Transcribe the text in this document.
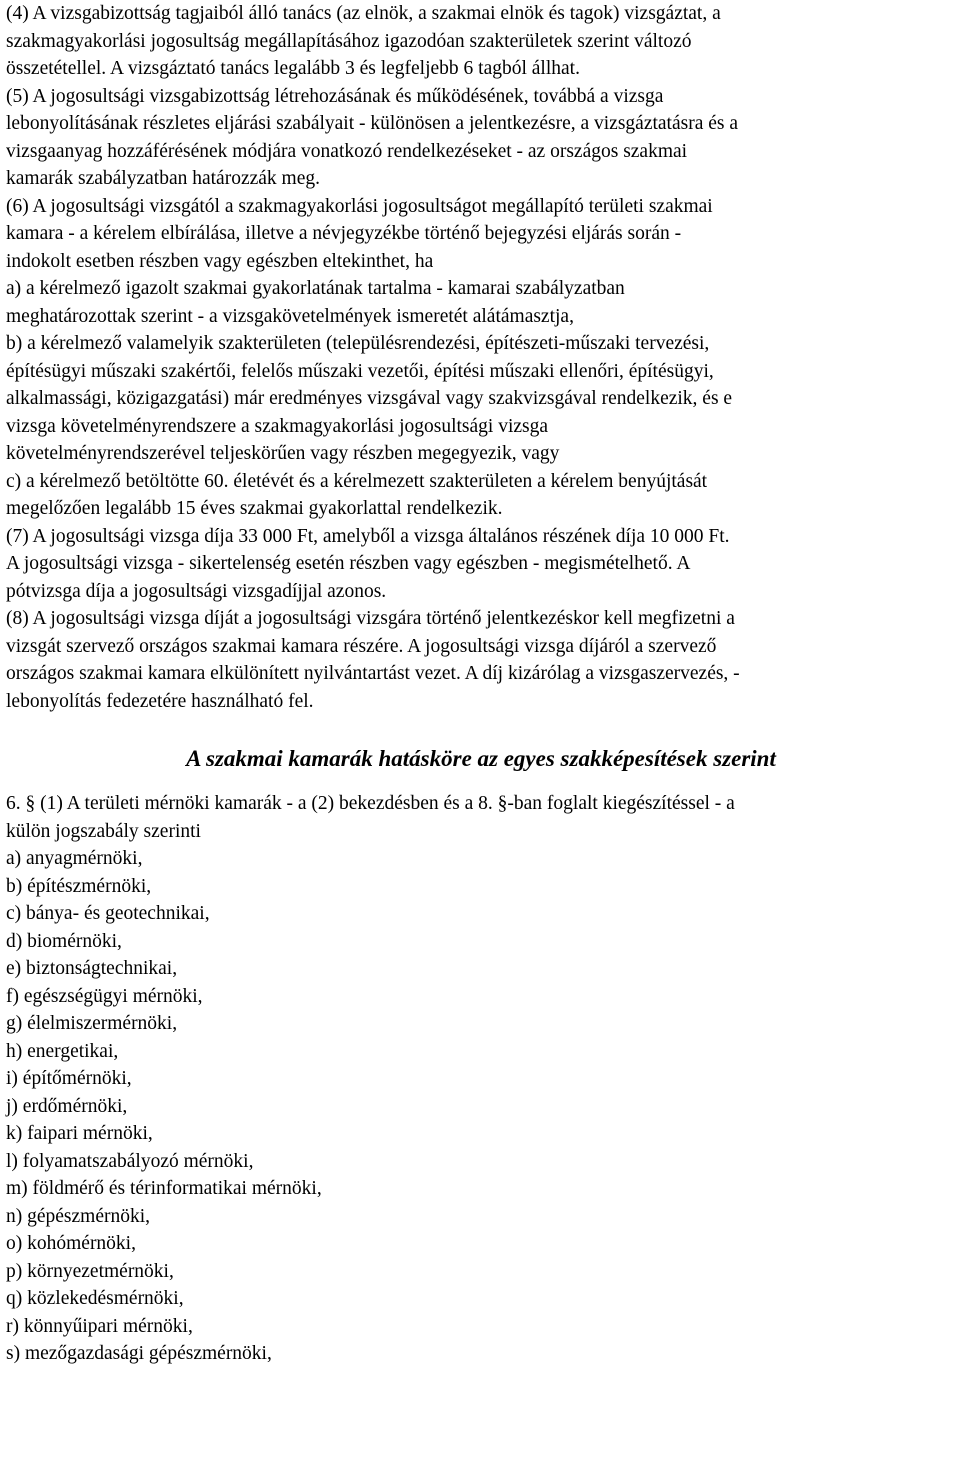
(4) A vizsgabizottság tagjaiból álló tanács (az elnök, a szakmai elnök és tagok) vizsgáztat, a
szakmagyakorlási jogosultság megállapításához igazodóan szakterületek szerint változó
összetétellel. A vizsgáztató tanács legalább 3 és legfeljebb 6 tagból állhat.
(5) A jogosultsági vizsgabizottság létrehozásának és működésének, továbbá a vizsga
lebonyolításának részletes eljárási szabályait - különösen a jelentkezésre, a vizsgáztatásra és a
vizsgaanyag hozzáférésének módjára vonatkozó rendelkezéseket - az országos szakmai
kamarák szabályzatban határozzák meg.
(6) A jogosultsági vizsgától a szakmagyakorlási jogosultságot megállapító területi szakmai
kamara - a kérelem elbírálása, illetve a névjegyzékbe történő bejegyzési eljárás során -
indokolt esetben részben vagy egészben eltekinthet, ha
a) a kérelmező igazolt szakmai gyakorlatának tartalma - kamarai szabályzatban
meghatározottak szerint - a vizsgakövetelmények ismeretét alátámasztja,
b) a kérelmező valamelyik szakterületen (településrendezési, építészeti-műszaki tervezési,
építésügyi műszaki szakértői, felelős műszaki vezetői, építési műszaki ellenőri, építésügyi,
alkalmassági, közigazgatási) már eredményes vizsgával vagy szakvizsgával rendelkezik, és e
vizsga követelményrendszere a szakmagyakorlási jogosultsági vizsga
követelményrendszerével teljeskörűen vagy részben megegyezik, vagy
c) a kérelmező betöltötte 60. életévét és a kérelmezett szakterületen a kérelem benyújtását
megelőzően legalább 15 éves szakmai gyakorlattal rendelkezik.
(7) A jogosultsági vizsga díja 33 000 Ft, amelyből a vizsga általános részének díja 10 000 Ft.
A jogosultsági vizsga - sikertelenség esetén részben vagy egészben - megismételhető. A
pótvizsga díja a jogosultsági vizsgadíjjal azonos.
(8) A jogosultsági vizsga díját a jogosultsági vizsgára történő jelentkezéskor kell megfizetni a
vizsgát szervező országos szakmai kamara részére. A jogosultsági vizsga díjáról a szervező
országos szakmai kamara elkülönített nyilvántartást vezet. A díj kizárólag a vizsgaszervezés, -
lebonyolítás fedezetére használható fel.
A szakmai kamarák hatásköre az egyes szakképesítések szerint
6. § (1) A területi mérnöki kamarák - a (2) bekezdésben és a 8. §-ban foglalt kiegészítéssel - a
külön jogszabály szerinti
a) anyagmérnöki,
b) építészmérnöki,
c) bánya- és geotechnikai,
d) biomérnöki,
e) biztonságtechnikai,
f) egészségügyi mérnöki,
g) élelmiszermérnöki,
h) energetikai,
i) építőmérnöki,
j) erdőmérnöki,
k) faipari mérnöki,
l) folyamatszabályozó mérnöki,
m) földmérő és térinformatikai mérnöki,
n) gépészmérnöki,
o) kohómérnöki,
p) környezetmérnöki,
q) közlekedésmérnöki,
r) könnyűipari mérnöki,
s) mezőgazdasági gépészmérnöki,
